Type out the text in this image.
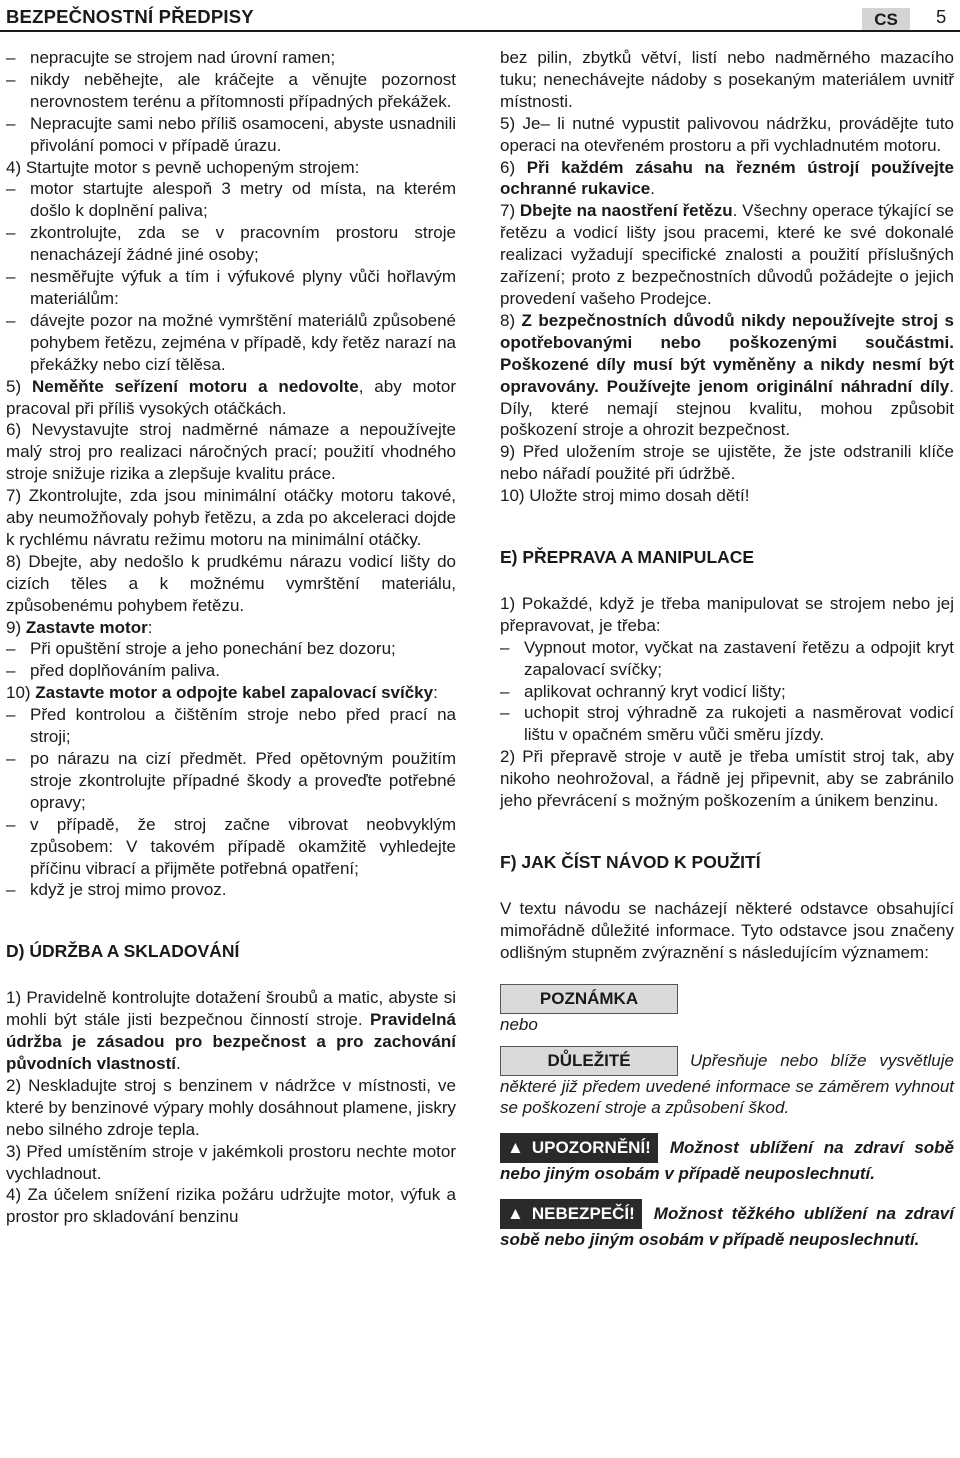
BEZPEČNOSTNÍ PŘEDPISY	CS	5
– nepracujte se strojem nad úrovní ramen;
– nikdy neběhejte, ale kráčejte a věnujte pozornost nerovnostem terénu a přítomnosti případných překážek.
– Nepracujte sami nebo příliš osamoceni, abyste usnadnili přivolání pomoci v případě úrazu.

4) Startujte motor s pevně uchopeným strojem:

– motor startujte alespoň 3 metry od místa, na kterém došlo k doplnění paliva;
– zkontrolujte, zda se v pracovním prostoru stroje nenacházejí žádné jiné osoby;
– nesměřujte výfuk a tím i výfukové plyny vůči hořlavým materiálům:
– dávejte pozor na možné vymrštění materiálů způsobené pohybem řetězu, zejména v případě, kdy řetěz narazí na překážky nebo cizí tělěsa.

5) Neměňte seřízení motoru a nedovolte, aby motor pracoval při příliš vysokých otáčkách.

6) Nevystavujte stroj nadměrné námaze a nepoužívejte malý stroj pro realizaci náročných prací; použití vhodného stroje snižuje rizika a zlepšuje kvalitu práce.

7) Zkontrolujte, zda jsou minimální otáčky motoru takové, aby neumožňovaly pohyb řetězu, a zda po akceleraci dojde k rychlému návratu režimu motoru na minimální otáčky.

8) Dbejte, aby nedošlo k prudkému nárazu vodicí lišty do cizích těles a k možnému vymrštění materiálu, způsobenému pohybem řetězu.

9) Zastavte motor:

– Při opuštění stroje a jeho ponechání bez dozoru;
– před doplňováním paliva.

10) Zastavte motor a odpojte kabel zapalovací svíčky:

– Před kontrolou a čištěním stroje nebo před prací na stroji;
– po nárazu na cizí předmět. Před opětovným použitím stroje zkontrolujte případné škody a proveďte potřebné opravy;
– v případě, že stroj začne vibrovat neobvyklým způsobem: V takovém případě okamžitě vyhledejte příčinu vibrací a přijměte potřebná opatření;
– když je stroj mimo provoz.

D) ÚDRŽBA A SKLADOVÁNÍ

1) Pravidelně kontrolujte dotažení šroubů a matic, abyste si mohli být stále jisti bezpečnou činností stroje. Pravidelná údržba je zásadou pro bezpečnost a pro zachování původních vlastností.

2) Neskladujte stroj s benzinem v nádržce v místnosti, ve které by benzinové výpary mohly dosáhnout plamene, jiskry nebo silného zdroje tepla.

3) Před umístěním stroje v jakémkoli prostoru nechte motor vychladnout.

4) Za účelem snížení rizika požáru udržujte motor, výfuk a prostor pro skladování benzinu

bez pilin, zbytků větví, listí nebo nadměrného mazacího tuku; nenechávejte nádoby s posekaným materiálem uvnitř místnosti.

5) Je– li nutné vypustit palivovou nádržku, provádějte tuto operaci na otevřeném prostoru a při vychladnutém motoru.

6) Při každém zásahu na řezném ústrojí používejte ochranné rukavice.

7) Dbejte na naostření řetězu. Všechny operace týkající se řetězu a vodicí lišty jsou pracemi, které ke své dokonalé realizaci vyžadují specifické znalosti a použití příslušných zařízení; proto z bezpečnostních důvodů požádejte o jejich provedení vašeho Prodejce.

8) Z bezpečnostních důvodů nikdy nepoužívejte stroj s opotřebovanými nebo poškozenými součástmi. Poškozené díly musí být vyměněny a nikdy nesmí být opravovány. Používejte jenom originální náhradní díly. Díly, které nemají stejnou kvalitu, mohou způsobit poškození stroje a ohrozit bezpečnost.

9) Před uložením stroje se ujistěte, že jste odstranili klíče nebo nářadí použité při údržbě.

10) Uložte stroj mimo dosah dětí!

E) PŘEPRAVA A MANIPULACE

1) Pokaždé, když je třeba manipulovat se strojem nebo jej přepravovat, je třeba:

– Vypnout motor, vyčkat na zastavení řetězu a odpojit kryt zapalovací svíčky;
– aplikovat ochranný kryt vodicí lišty;
– uchopit stroj výhradně za rukojeti a nasměrovat vodicí lištu v opačném směru vůči směru jízdy.

2) Při přepravě stroje v autě je třeba umístit stroj tak, aby nikoho neohrožoval, a řádně jej připevnit, aby se zabránilo jeho převrácení s možným poškozením a únikem benzinu.

F) JAK ČÍST NÁVOD K POUŽITÍ

V textu návodu se nacházejí některé odstavce obsahující mimořádně důležité informace. Tyto odstavce jsou značeny odlišným stupněm zvýraznění s následujícím významem:

POZNÁMKA

nebo

DŮLEŽITÉ	Upřesňuje nebo blíže vysvětluje některé již předem uvedené informace se záměrem vyhnout se poškození stroje a způsobení škod.

▲ UPOZORNĚNÍ! Možnost ublížení na zdraví sobě nebo jiným osobám v případě neuposlechnutí.

▲ NEBEZPEČÍ! Možnost těžkého ublížení na zdraví sobě nebo jiným osobám v případě neuposlechnutí.
